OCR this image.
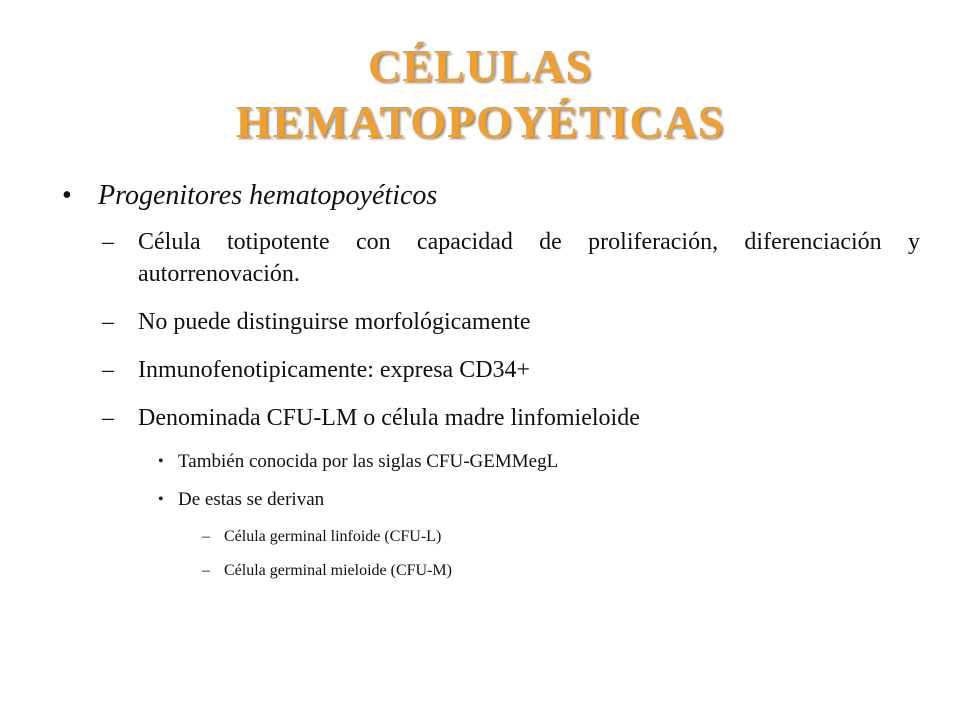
CÉLULAS
HEMATOPOYÉTICAS
• Progenitores hematopoyéticos
– Célula totipotente con capacidad de proliferación, diferenciación y autorrenovación.
– No puede distinguirse morfológicamente
– Inmunofenotipicamente: expresa CD34+
– Denominada CFU-LM o célula madre linfomieloide
• También conocida por las siglas CFU-GEMMegL
• De estas se derivan
– Célula germinal linfoide (CFU-L)
– Célula germinal mieloide (CFU-M)
